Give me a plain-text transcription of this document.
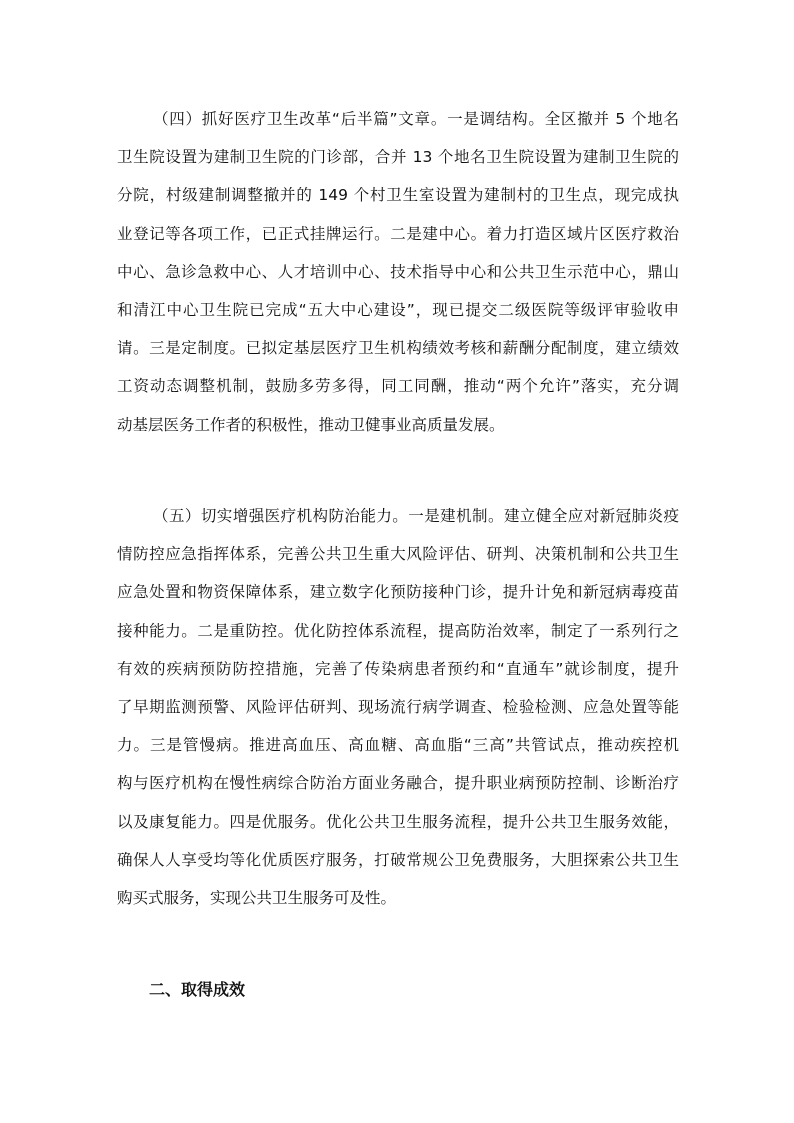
（四）抓好医疗卫生改革“后半篇”文章。一是调结构。全区撤并 5 个地名
卫生院设置为建制卫生院的门诊部，合并 13 个地名卫生院设置为建制卫生院的
分院，村级建制调整撤并的 149 个村卫生室设置为建制村的卫生点，现完成执
业登记等各项工作，已正式挂牌运行。二是建中心。着力打造区域片区医疗救治
中心、急诊急救中心、人才培训中心、技术指导中心和公共卫生示范中心，鼎山
和清江中心卫生院已完成“五大中心建设”，现已提交二级医院等级评审验收申
请。三是定制度。已拟定基层医疗卫生机构绩效考核和薪酬分配制度，建立绩效
工资动态调整机制，鼓励多劳多得，同工同酬，推动“两个允许”落实，充分调
动基层医务工作者的积极性，推动卫健事业高质量发展。
（五）切实增强医疗机构防治能力。一是建机制。建立健全应对新冠肺炎疫
情防控应急指挥体系，完善公共卫生重大风险评估、研判、决策机制和公共卫生
应急处置和物资保障体系，建立数字化预防接种门诊，提升计免和新冠病毒疫苗
接种能力。二是重防控。优化防控体系流程，提高防治效率，制定了一系列行之
有效的疾病预防防控措施，完善了传染病患者预约和“直通车”就诊制度，提升
了早期监测预警、风险评估研判、现场流行病学调查、检验检测、应急处置等能
力。三是管慢病。推进高血压、高血糖、高血脂“三高”共管试点，推动疾控机
构与医疗机构在慢性病综合防治方面业务融合，提升职业病预防控制、诊断治疗
以及康复能力。四是优服务。优化公共卫生服务流程，提升公共卫生服务效能，
确保人人享受均等化优质医疗服务，打破常规公卫免费服务，大胆探索公共卫生
购买式服务，实现公共卫生服务可及性。
二、取得成效
